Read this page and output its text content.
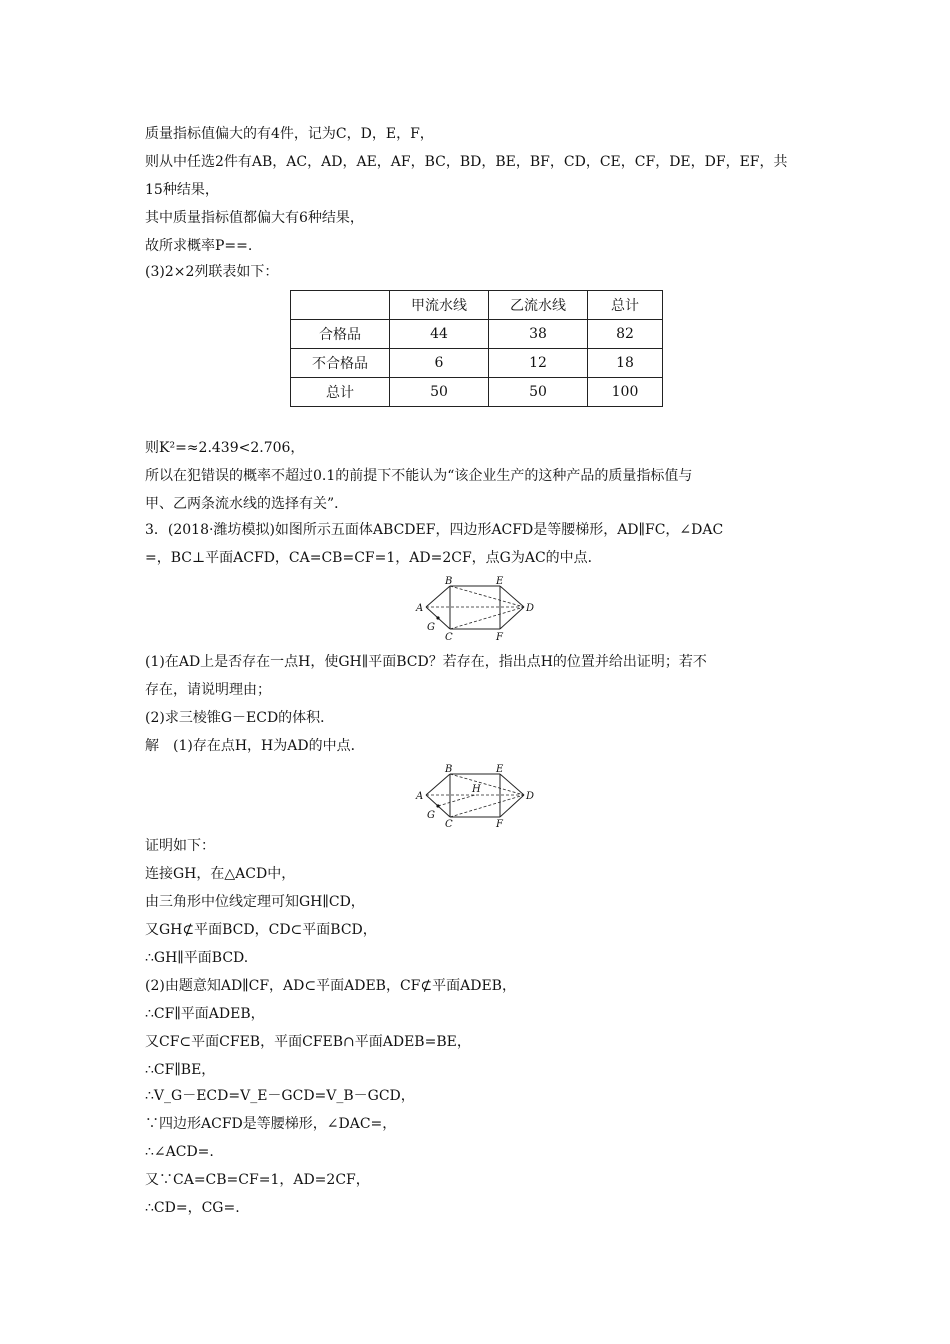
质量指标值偏大的有4件，记为C，D，E，F，
则从中任选2件有AB，AC，AD，AE，AF，BC，BD，BE，BF，CD，CE，CF，DE，DF，EF，共
15种结果，
其中质量指标值都偏大有6种结果，
故所求概率P==.
(3)2×2列联表如下：
	甲流水线	乙流水线	总计
合格品	44	38	82
不合格品	6	12	18
总计	50	50	100
则K²=≈2.439<2.706，
所以在犯错误的概率不超过0.1的前提下不能认为“该企业生产的这种产品的质量指标值与
甲、乙两条流水线的选择有关”．
3．(2018·潍坊模拟)如图所示五面体ABCDEF，四边形ACFD是等腰梯形，AD∥FC，∠DAC
=，BC⊥平面ACFD，CA=CB=CF=1，AD=2CF，点G为AC的中点．
A
B
C
D
E
F
G
(1)在AD上是否存在一点H，使GH∥平面BCD？若存在，指出点H的位置并给出证明；若不
存在，请说明理由；
(2)求三棱锥G－ECD的体积．
解　(1)存在点H，H为AD的中点．
A
B
C
D
E
F
G
H
证明如下：
连接GH，在△ACD中，
由三角形中位线定理可知GH∥CD，
又GH⊄平面BCD，CD⊂平面BCD，
∴GH∥平面BCD.
(2)由题意知AD∥CF，AD⊂平面ADEB，CF⊄平面ADEB，
∴CF∥平面ADEB，
又CF⊂平面CFEB，平面CFEB∩平面ADEB=BE，
∴CF∥BE，
∴V_G－ECD=V_E－GCD=V_B－GCD，
∵四边形ACFD是等腰梯形，∠DAC=，
∴∠ACD=.
又∵CA=CB=CF=1，AD=2CF，
∴CD=，CG=.
